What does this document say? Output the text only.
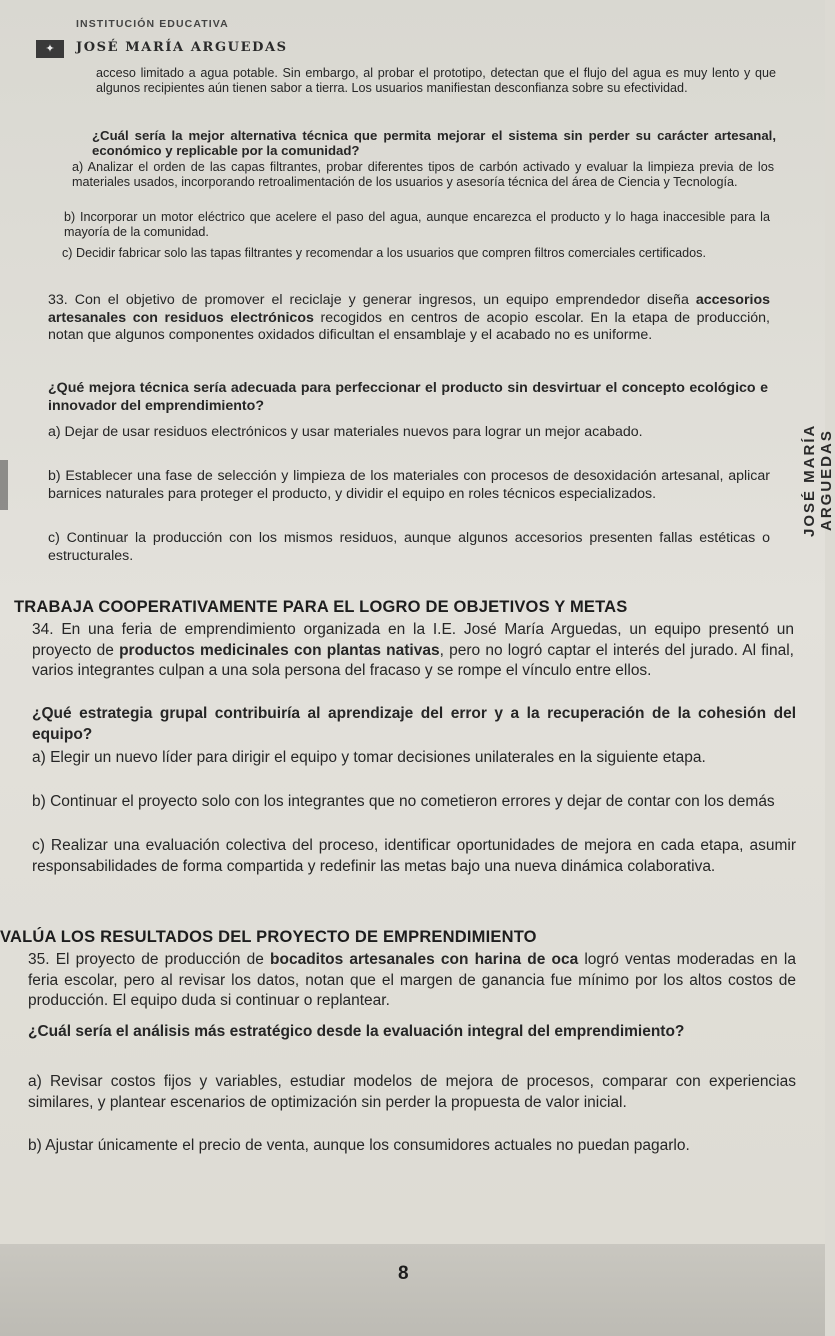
✦
INSTITUCIÓN EDUCATIVA
JOSÉ MARÍA ARGUEDAS
JOSÉ MARÍA ARGUEDAS

acceso limitado a agua potable. Sin embargo, al probar el prototipo, detectan que el flujo del agua es muy lento y que algunos recipientes aún tienen sabor a tierra. Los usuarios manifiestan desconfianza sobre su efectividad.

¿Cuál sería la mejor alternativa técnica que permita mejorar el sistema sin perder su carácter artesanal, económico y replicable por la comunidad?

a) Analizar el orden de las capas filtrantes, probar diferentes tipos de carbón activado y evaluar la limpieza previa de los materiales usados, incorporando retroalimentación de los usuarios y asesoría técnica del área de Ciencia y Tecnología.

b) Incorporar un motor eléctrico que acelere el paso del agua, aunque encarezca el producto y lo haga inaccesible para la mayoría de la comunidad.

c) Decidir fabricar solo las tapas filtrantes y recomendar a los usuarios que compren filtros comerciales certificados.

33. Con el objetivo de promover el reciclaje y generar ingresos, un equipo emprendedor diseña accesorios artesanales con residuos electrónicos recogidos en centros de acopio escolar. En la etapa de producción, notan que algunos componentes oxidados dificultan el ensamblaje y el acabado no es uniforme.

¿Qué mejora técnica sería adecuada para perfeccionar el producto sin desvirtuar el concepto ecológico e innovador del emprendimiento?

a) Dejar de usar residuos electrónicos y usar materiales nuevos para lograr un mejor acabado.

b) Establecer una fase de selección y limpieza de los materiales con procesos de desoxidación artesanal, aplicar barnices naturales para proteger el producto, y dividir el equipo en roles técnicos especializados.

c) Continuar la producción con los mismos residuos, aunque algunos accesorios presenten fallas estéticas o estructurales.

TRABAJA COOPERATIVAMENTE PARA EL LOGRO DE OBJETIVOS Y METAS

34. En una feria de emprendimiento organizada en la I.E. José María Arguedas, un equipo presentó un proyecto de productos medicinales con plantas nativas, pero no logró captar el interés del jurado. Al final, varios integrantes culpan a una sola persona del fracaso y se rompe el vínculo entre ellos.

¿Qué estrategia grupal contribuiría al aprendizaje del error y a la recuperación de la cohesión del equipo?

a) Elegir un nuevo líder para dirigir el equipo y tomar decisiones unilaterales en la siguiente etapa.

b) Continuar el proyecto solo con los integrantes que no cometieron errores y dejar de contar con los demás

c) Realizar una evaluación colectiva del proceso, identificar oportunidades de mejora en cada etapa, asumir responsabilidades de forma compartida y redefinir las metas bajo una nueva dinámica colaborativa.

VALÚA LOS RESULTADOS DEL PROYECTO DE EMPRENDIMIENTO

35. El proyecto de producción de bocaditos artesanales con harina de oca logró ventas moderadas en la feria escolar, pero al revisar los datos, notan que el margen de ganancia fue mínimo por los altos costos de producción. El equipo duda si continuar o replantear.

¿Cuál sería el análisis más estratégico desde la evaluación integral del emprendimiento?

a) Revisar costos fijos y variables, estudiar modelos de mejora de procesos, comparar con experiencias similares, y plantear escenarios de optimización sin perder la propuesta de valor inicial.

b) Ajustar únicamente el precio de venta, aunque los consumidores actuales no puedan pagarlo.

8
